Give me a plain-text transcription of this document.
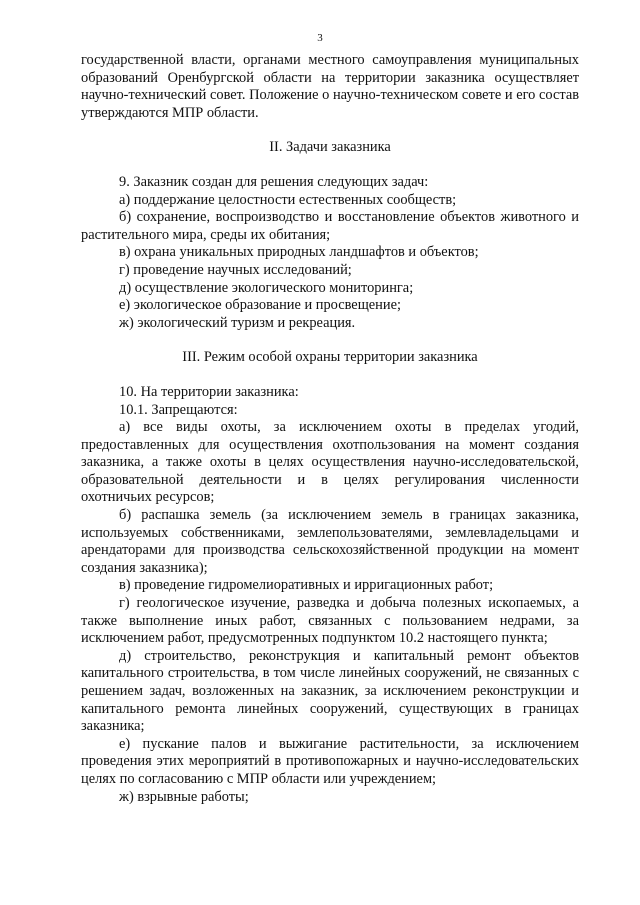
3

государственной власти, органами местного самоуправления муниципальных образований Оренбургской области на территории заказника осуществляет научно-технический совет. Положение о научно-техническом совете и его состав утверждаются МПР области.

II. Задачи заказника

9. Заказник создан для решения следующих задач:

а) поддержание целостности естественных сообществ;

б) сохранение, воспроизводство и восстановление объектов животного и растительного мира, среды их обитания;

в) охрана уникальных природных ландшафтов и объектов;

г) проведение научных исследований;

д) осуществление экологического мониторинга;

е) экологическое образование и просвещение;

ж) экологический туризм и рекреация.

III. Режим особой охраны территории заказника

10. На территории заказника:

10.1. Запрещаются:

а) все виды охоты, за исключением охоты в пределах угодий, предоставленных для осуществления охотпользования на момент создания заказника, а также охоты в целях осуществления научно-исследовательской, образовательной деятельности и в целях регулирования численности охотничьих ресурсов;

б) распашка земель (за исключением земель в границах заказника, используемых собственниками, землепользователями, землевладельцами и арендаторами для производства сельскохозяйственной продукции на момент создания заказника);

в) проведение гидромелиоративных и ирригационных работ;

г) геологическое изучение, разведка и добыча полезных ископаемых, а также выполнение иных работ, связанных с пользованием недрами, за исключением работ, предусмотренных подпунктом 10.2 настоящего пункта;

д) строительство, реконструкция и капитальный ремонт объектов капитального строительства, в том числе линейных сооружений, не связанных с решением задач, возложенных на заказник, за исключением реконструкции и капитального ремонта линейных сооружений, существующих в границах заказника;

е) пускание палов и выжигание растительности, за исключением проведения этих мероприятий в противопожарных и научно-исследовательских целях по согласованию с МПР области или учреждением;

ж) взрывные работы;
